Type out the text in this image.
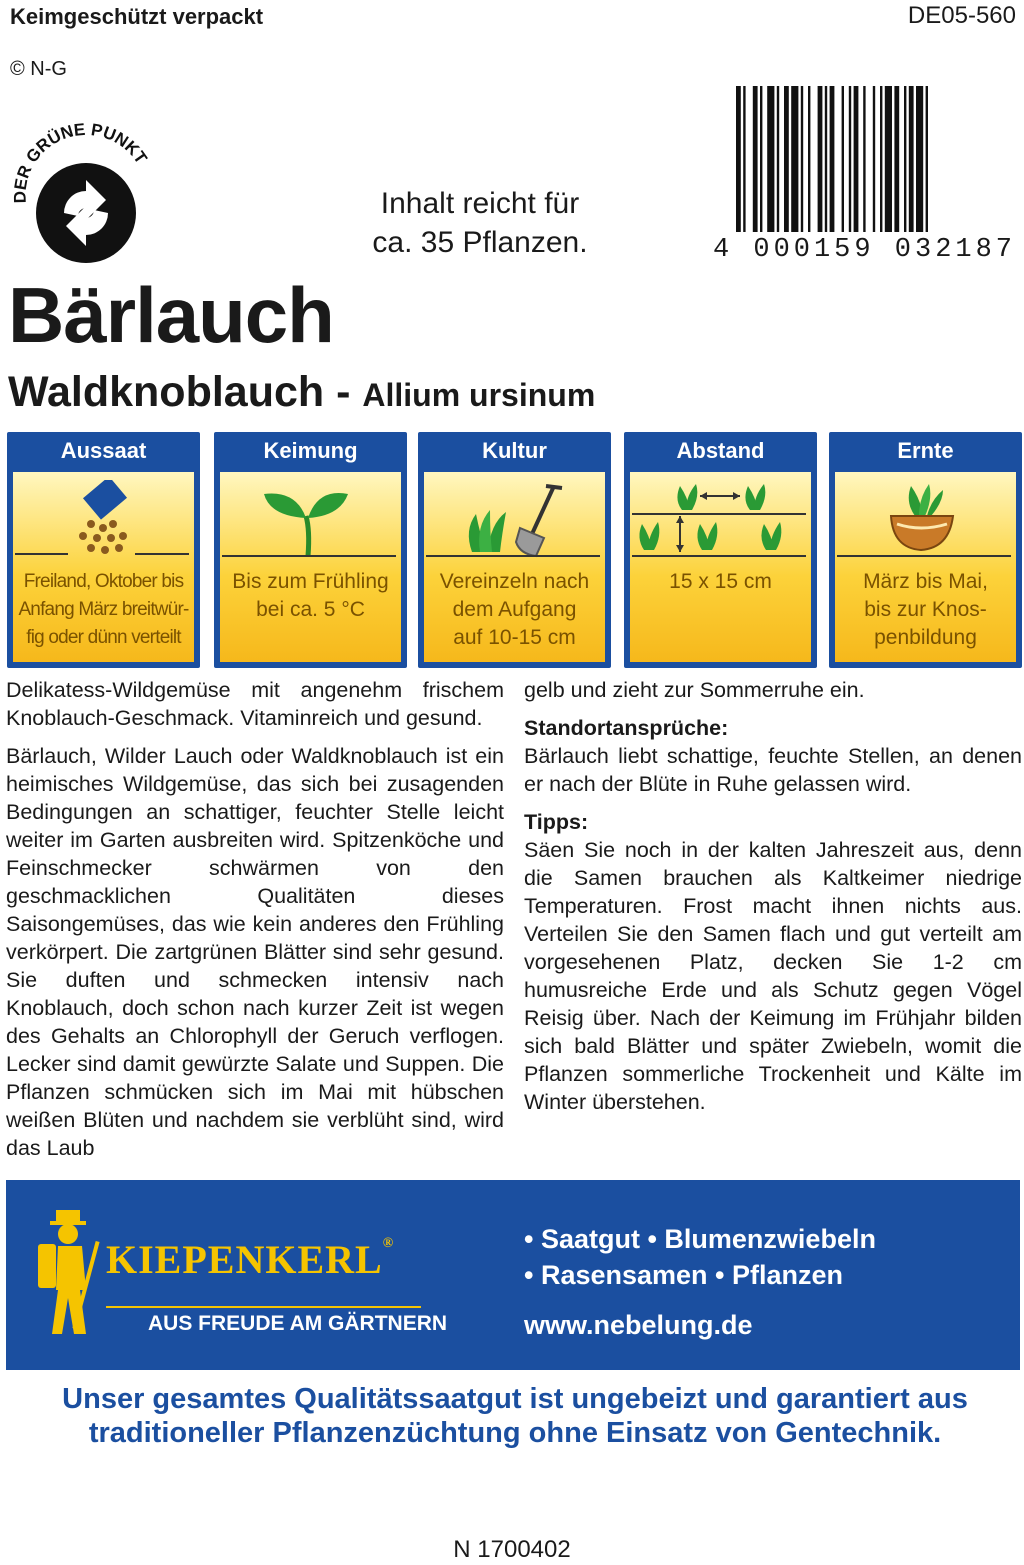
Keimgeschützt verpackt	DE05-560
© N-G
DER GRÜNE PUNKT
Inhalt reicht für
ca. 35 Pflanzen.	4 000159 032187
Bärlauch
Waldknoblauch - Allium ursinum
Aussaat
Freiland, Oktober bis
Anfang März breitwür-
fig oder dünn verteilt
Keimung
Bis zum Frühling
bei ca. 5 °C
Kultur
Vereinzeln nach
dem Aufgang
auf 10-15 cm
Abstand
15 x 15 cm
Ernte
März bis Mai,
bis zur Knos-
penbildung

Delikatess-Wildgemüse mit angenehm frischem Knoblauch-Geschmack. Vitaminreich und gesund.

Bärlauch, Wilder Lauch oder Waldknoblauch ist ein heimisches Wildgemüse, das sich bei zusagenden Bedingungen an schattiger, feuchter Stelle leicht weiter im Garten ausbreiten wird. Spitzenköche und Feinschmecker schwärmen von den geschmacklichen Qualitäten dieses Saisongemüses, das wie kein anderes den Frühling verkörpert. Die zartgrünen Blätter sind sehr gesund. Sie duften und schmecken intensiv nach Knoblauch, doch schon nach kurzer Zeit ist wegen des Gehalts an Chlorophyll der Geruch verflogen. Lecker sind damit gewürzte Salate und Suppen. Die Pflanzen schmücken sich im Mai mit hübschen weißen Blüten und nachdem sie verblüht sind, wird das Laub

gelb und zieht zur Sommerruhe ein.

Standortansprüche:

Bärlauch liebt schattige, feuchte Stellen, an denen er nach der Blüte in Ruhe gelassen wird.

Tipps:

Säen Sie noch in der kalten Jahreszeit aus, denn die Samen brauchen als Kaltkeimer niedrige Temperaturen. Frost macht ihnen nichts aus. Verteilen Sie den Samen flach und gut verteilt am vorgesehenen Platz, decken Sie 1-2 cm humusreiche Erde und als Schutz gegen Vögel Reisig über. Nach der Keimung im Frühjahr bilden sich bald Blätter und später Zwiebeln, womit die Pflanzen sommerliche Trockenheit und Kälte im Winter überstehen.

KIEPENKERL®
AUS FREUDE AM GÄRTNERN
• Saatgut • Blumenzwiebeln
• Rasensamen • Pflanzen
www.nebelung.de
Unser gesamtes Qualitätssaatgut ist ungebeizt und garantiert aus
traditioneller Pflanzenzüchtung ohne Einsatz von Gentechnik.
N 1700402
